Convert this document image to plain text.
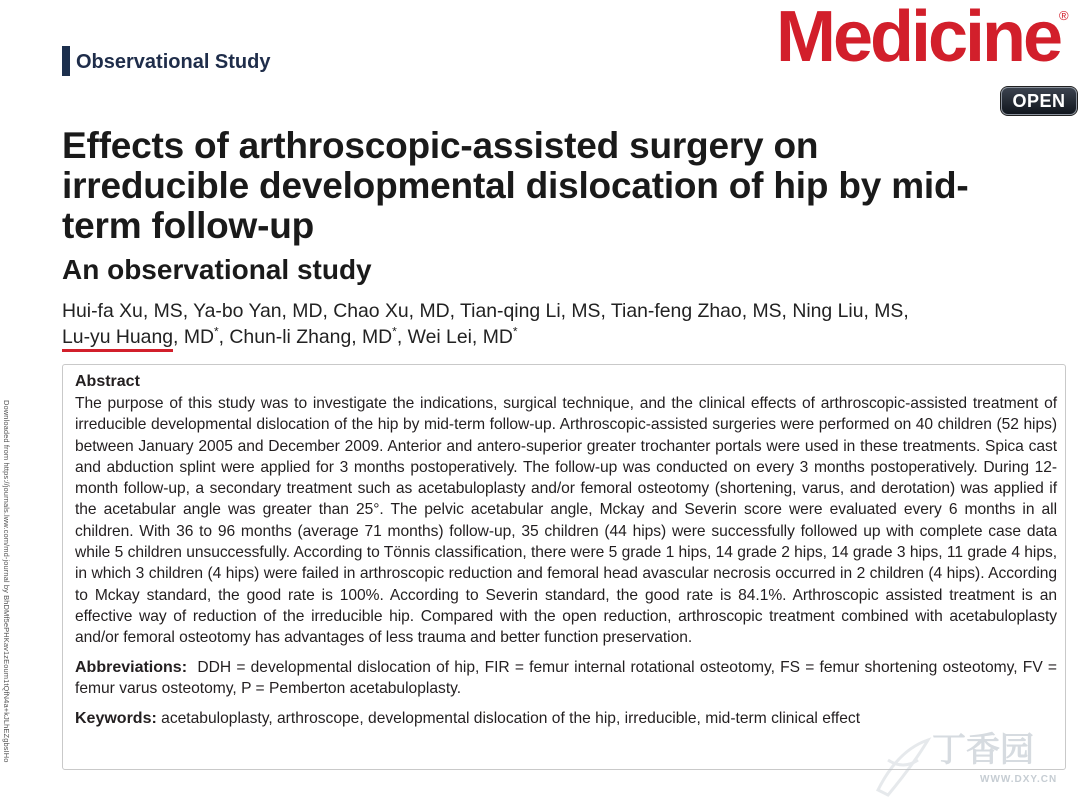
Downloaded from https://journals.lww.com/md-journal by BhDMf5ePHKav1zEoum1tQfN4a+kJLhEZgbsIHo
Observational Study	Medicine
®
OPEN
Effects of arthroscopic-assisted surgery on irreducible developmental dislocation of hip by mid-term follow-up
An observational study
Hui-fa Xu, MS, Ya-bo Yan, MD, Chao Xu, MD, Tian-qing Li, MS, Tian-feng Zhao, MS, Ning Liu, MS,
Lu-yu Huang, MD*, Chun-li Zhang, MD*, Wei Lei, MD*
Abstract

The purpose of this study was to investigate the indications, surgical technique, and the clinical effects of arthroscopic-assisted treatment of irreducible developmental dislocation of the hip by mid-term follow-up. Arthroscopic-assisted surgeries were performed on 40 children (52 hips) between January 2005 and December 2009. Anterior and antero-superior greater trochanter portals were used in these treatments. Spica cast and abduction splint were applied for 3 months postoperatively. The follow-up was conducted on every 3 months postoperatively. During 12-month follow-up, a secondary treatment such as acetabuloplasty and/or femoral osteotomy (shortening, varus, and derotation) was applied if the acetabular angle was greater than 25°. The pelvic acetabular angle, Mckay and Severin score were evaluated every 6 months in all children. With 36 to 96 months (average 71 months) follow-up, 35 children (44 hips) were successfully followed up with complete case data while 5 children unsuccessfully. According to Tönnis classification, there were 5 grade 1 hips, 14 grade 2 hips, 14 grade 3 hips, 11 grade 4 hips, in which 3 children (4 hips) were failed in arthroscopic reduction and femoral head avascular necrosis occurred in 2 children (4 hips). According to Mckay standard, the good rate is 100%. According to Severin standard, the good rate is 84.1%. Arthroscopic assisted treatment is an effective way of reduction of the irreducible hip. Compared with the open reduction, arthroscopic treatment combined with acetabuloplasty and/or femoral osteotomy has advantages of less trauma and better function preservation.

Abbreviations: DDH = developmental dislocation of hip, FIR = femur internal rotational osteotomy, FS = femur shortening osteotomy, FV = femur varus osteotomy, P = Pemberton acetabuloplasty.

Keywords: acetabuloplasty, arthroscope, developmental dislocation of the hip, irreducible, mid-term clinical effect

丁香园
WWW.DXY.CN
